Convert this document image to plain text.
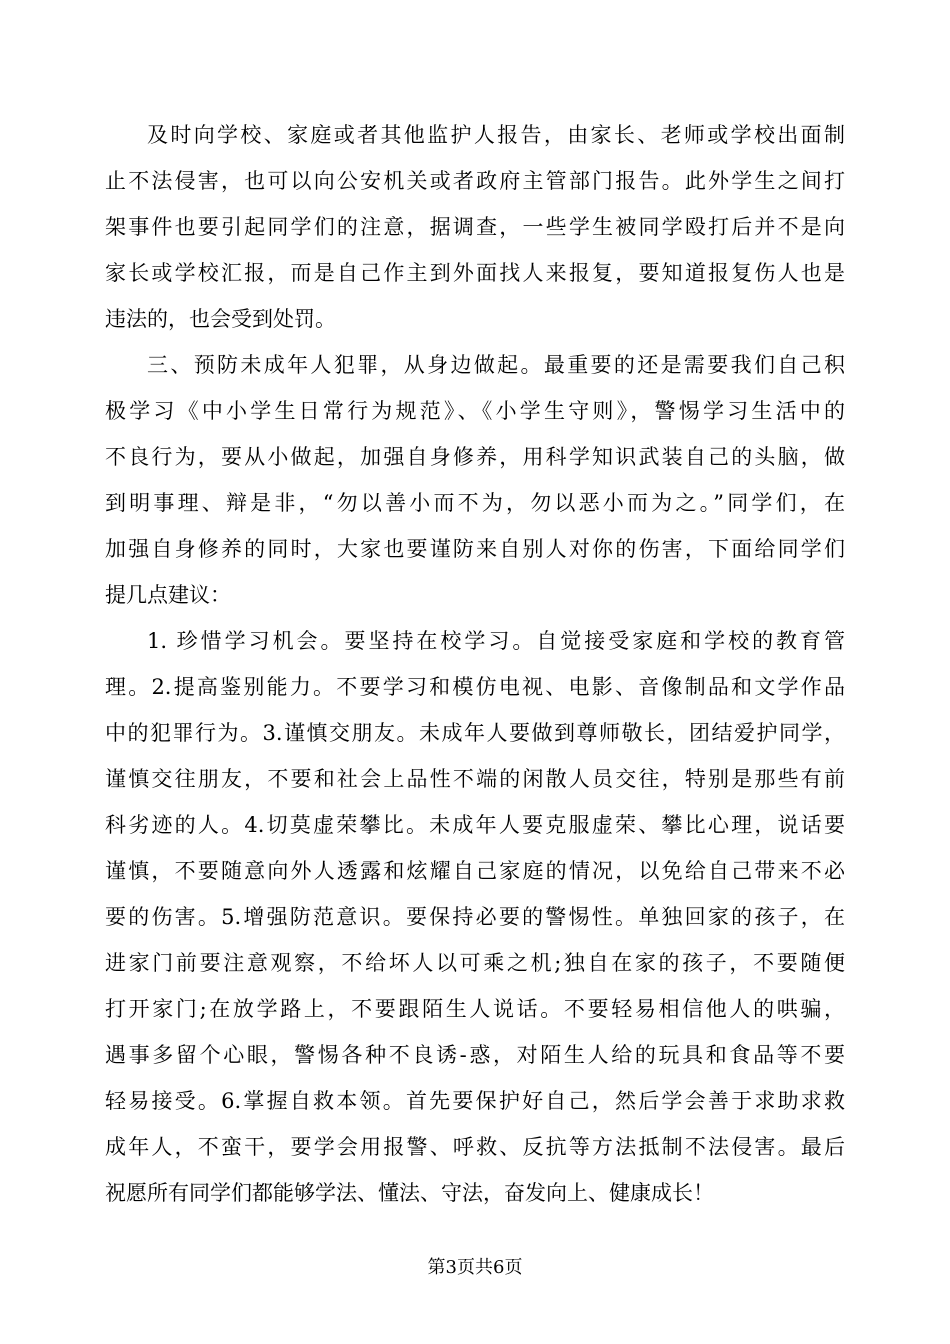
及时向学校、家庭或者其他监护人报告，由家长、老师或学校出面制
止不法侵害，也可以向公安机关或者政府主管部门报告。此外学生之间打
架事件也要引起同学们的注意，据调查，一些学生被同学殴打后并不是向
家长或学校汇报，而是自己作主到外面找人来报复，要知道报复伤人也是
违法的，也会受到处罚。
三、预防未成年人犯罪，从身边做起。最重要的还是需要我们自己积
极学习《中小学生日常行为规范》、《小学生守则》，警惕学习生活中的
不良行为，要从小做起，加强自身修养，用科学知识武装自己的头脑，做
到明事理、辩是非，“勿以善小而不为，勿以恶小而为之。”同学们，在
加强自身修养的同时，大家也要谨防来自别人对你的伤害，下面给同学们
提几点建议：
1. 珍惜学习机会。要坚持在校学习。自觉接受家庭和学校的教育管
理。2.提高鉴别能力。不要学习和模仿电视、电影、音像制品和文学作品
中的犯罪行为。3.谨慎交朋友。未成年人要做到尊师敬长，团结爱护同学，
谨慎交往朋友，不要和社会上品性不端的闲散人员交往，特别是那些有前
科劣迹的人。4.切莫虚荣攀比。未成年人要克服虚荣、攀比心理，说话要
谨慎，不要随意向外人透露和炫耀自己家庭的情况，以免给自己带来不必
要的伤害。5.增强防范意识。要保持必要的警惕性。单独回家的孩子，在
进家门前要注意观察，不给坏人以可乘之机;独自在家的孩子，不要随便
打开家门;在放学路上，不要跟陌生人说话。不要轻易相信他人的哄骗，
遇事多留个心眼，警惕各种不良诱-惑，对陌生人给的玩具和食品等不要
轻易接受。6.掌握自救本领。首先要保护好自己，然后学会善于求助求救
成年人，不蛮干，要学会用报警、呼救、反抗等方法抵制不法侵害。最后
祝愿所有同学们都能够学法、懂法、守法，奋发向上、健康成长！
第3页共6页
